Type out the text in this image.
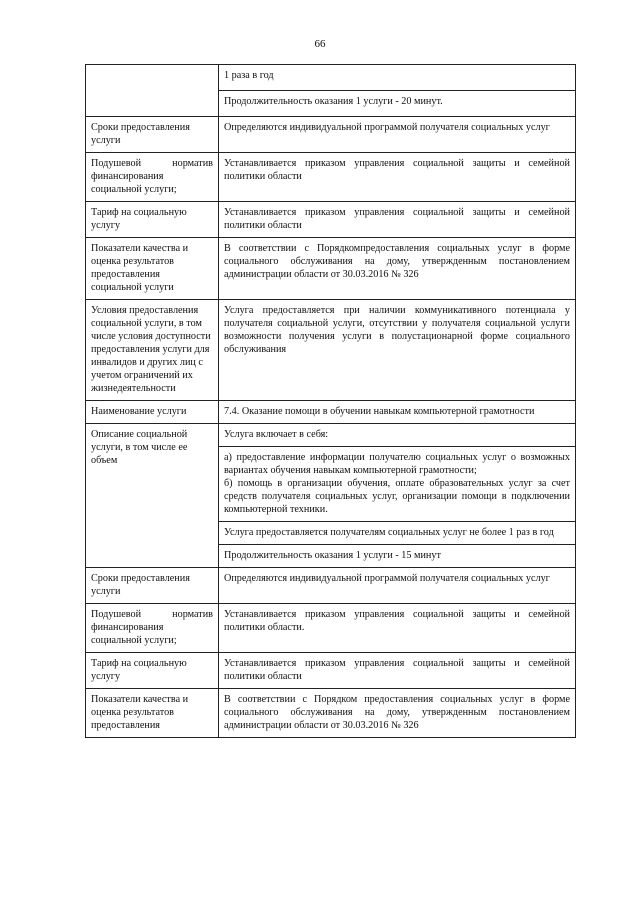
66
	1 раза в год
	Продолжительность оказания 1 услуги - 20 минут.
Сроки предоставления услуги	Определяются индивидуальной программой получателя социальных услуг

Подушевой норматив
финансирования социальной услуги;	Устанавливается приказом управления социальной защиты и семейной политики области
Тариф на социальную услугу	Устанавливается приказом управления социальной защиты и семейной политики области
Показатели качества и оценка результатов предоставления социальной услуги	В соответствии с Порядкомпредоставления социальных услуг в форме социального обслуживания на дому, утвержденным постановлением администрации области от 30.03.2016 № 326
Условия предоставления социальной услуги, в том числе условия доступности предоставления услуги для инвалидов и других лиц с учетом ограничений их жизнедеятельности	Услуга предоставляется при наличии коммуникативного потенциала у получателя социальной услуги, отсутствии у получателя социальной услуги возможности получения услуги в полустационарной форме социального обслуживания
Наименование услуги	7.4. Оказание помощи в обучении навыкам компьютерной грамотности
Описание социальной услуги, в том числе ее объем	Услуга включает в себя:
	а) предоставление информации получателю социальных услуг о возможных вариантах обучения навыкам компьютерной грамотности;
б) помощь в организации обучения, оплате образовательных услуг за счет средств получателя социальных услуг, организации помощи в подключении компьютерной техники.
	Услуга предоставляется получателям социальных услуг не более 1 раз в год
	Продолжительность оказания 1 услуги - 15 минут
Сроки предоставления услуги	Определяются индивидуальной программой получателя социальных услуг

Подушевой норматив
финансирования социальной услуги;	Устанавливается приказом управления социальной защиты и семейной политики области.
Тариф на социальную услугу	Устанавливается приказом управления социальной защиты и семейной политики области
Показатели качества и оценка результатов предоставления	В соответствии с Порядком предоставления социальных услуг в форме социального обслуживания на дому, утвержденным постановлением администрации области от 30.03.2016 № 326
